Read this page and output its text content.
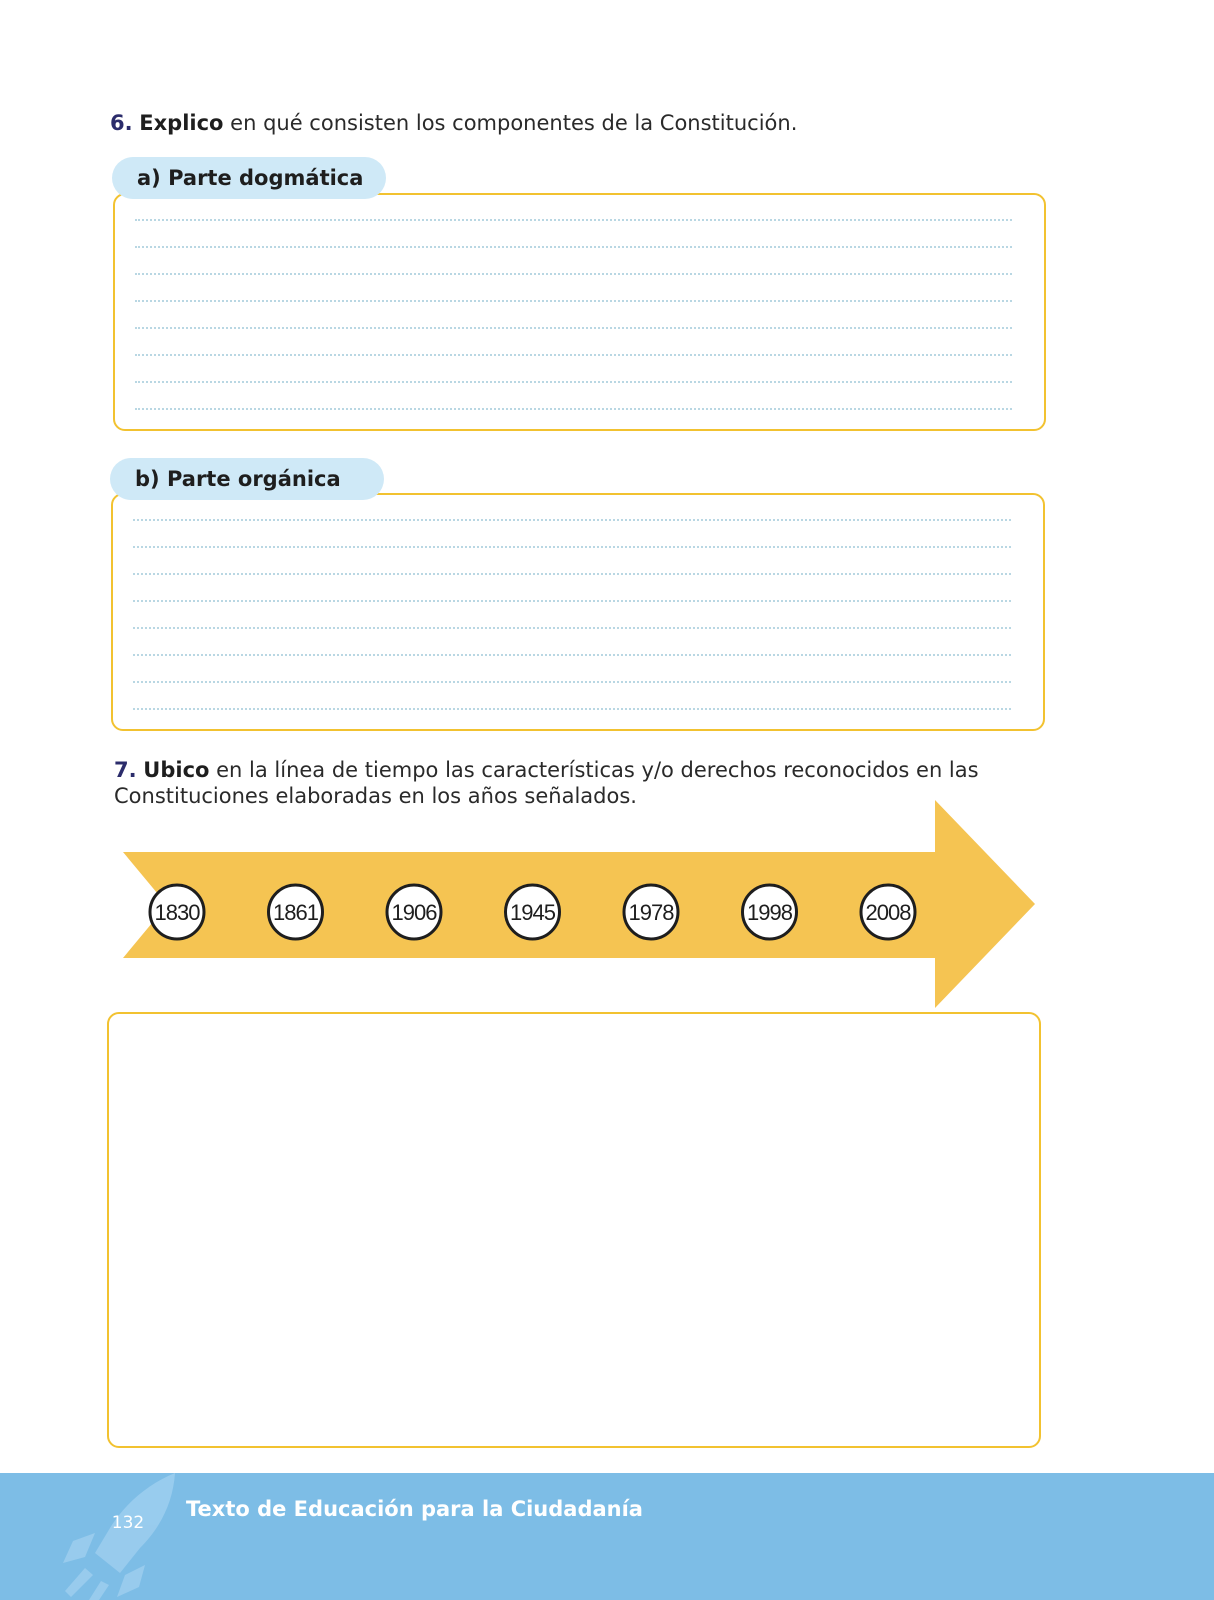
6. Explico en qué consisten los componentes de la Constitución.
a) Parte dogmática
b) Parte orgánica
7. Ubico en la línea de tiempo las características y/o derechos reconocidos en las Constituciones elaboradas en los años señalados.
1830	1861	1906	1945	1978	1998	2008
132
Texto de Educación para la Ciudadanía
